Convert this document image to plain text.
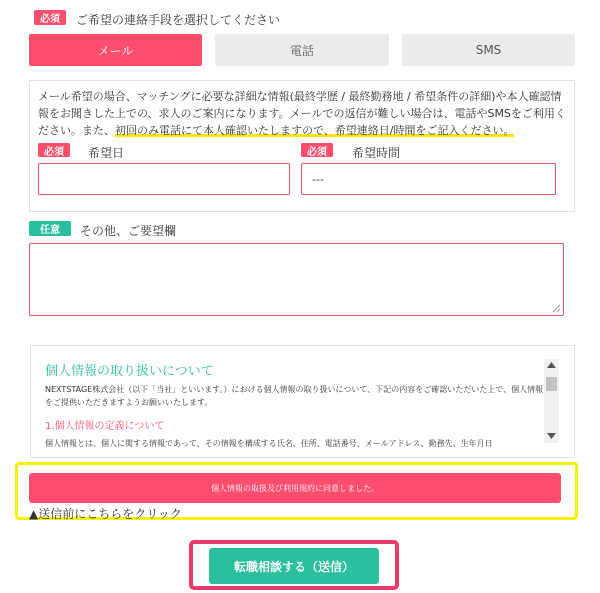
必須	ご希望の連絡手段を選択してください
メール	電話	SMS
メール希望の場合、マッチングに必要な詳細な情報(最終学歴 / 最終勤務地 / 希望条件の詳細)や本人確認情報をお聞きした上での、求人のご案内になります。メールでの返信が難しい場合は、電話やSMSをご利用ください。また、初回のみ電話にて本人確認いたしますので、希望連絡日/時間をご記入ください。
必須	希望日	必須	希望時間
---
任意	その他、ご要望欄
個人情報の取り扱いについて
NEXTSTAGE株式会社（以下「当社」といいます。）における個人情報の取り扱いについて、下記の内容をご確認いただいた上で、個人情報をご提供いただきますようお願いいたします。
1.個人情報の定義について
個人情報とは、個人に関する情報であって、その情報を構成する氏名、住所、電話番号、メールアドレス、勤務先、生年月日
個人情報の取扱及び利用規約に同意しました。
▲送信前にこちらをクリック
転職相談する（送信）
